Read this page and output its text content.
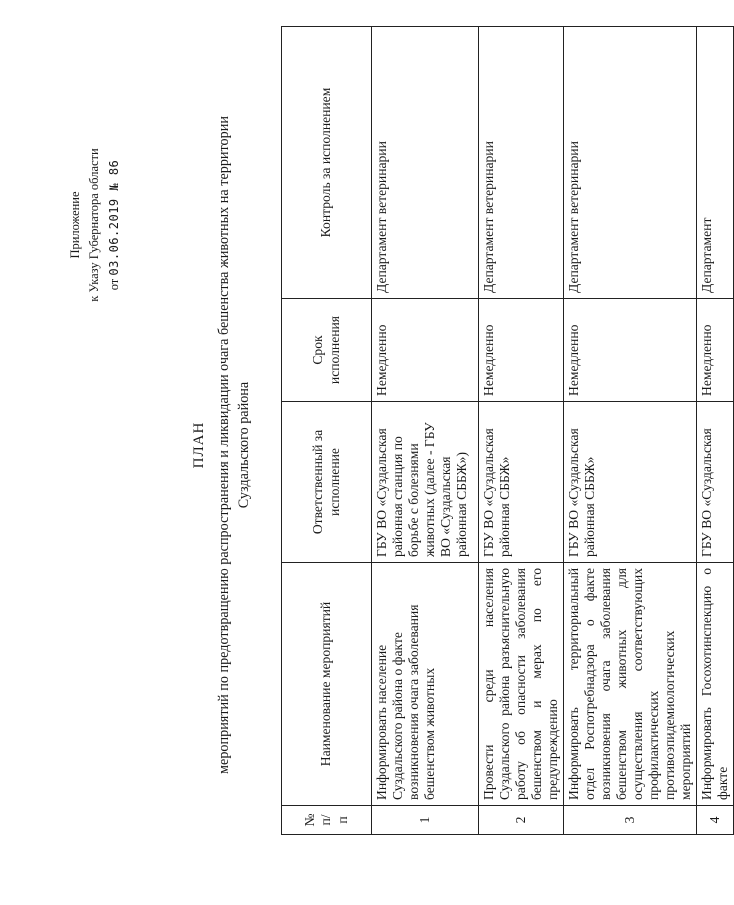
Приложение к Указу Губернатора области от 03.06.2019 № 86
ПЛАН мероприятий по предотвращению распространения и ликвидации очага бешенства животных на территории Суздальского района
№ п/п	Наименование мероприятий	Ответственный за исполнение	Срок исполнения	Контроль за исполнением
1	Информировать население Суздальского района о факте возникновения очага заболевания бешенством животных	ГБУ ВО «Суздальская районная станция по борьбе с болезнями животных (далее - ГБУ ВО «Суздальская районная СББЖ»)	Немедленно	Департамент ветеринарии
2	Провести среди населения Суздальского района разъяснительную работу об опасности заболевания бешенством и мерах по его предупреждению	ГБУ ВО «Суздальская районная СББЖ»	Немедленно	Департамент ветеринарии
3	Информировать территориальный отдел Роспотребнадзора о факте возникновения очага заболевания бешенством животных для осуществления соответствующих профилактических противоэпидемиологических мероприятий	ГБУ ВО «Суздальская районная СББЖ»	Немедленно	Департамент ветеринарии
4	Информировать Госохотинспекцию о факте	ГБУ ВО «Суздальская	Немедленно	Департамент
